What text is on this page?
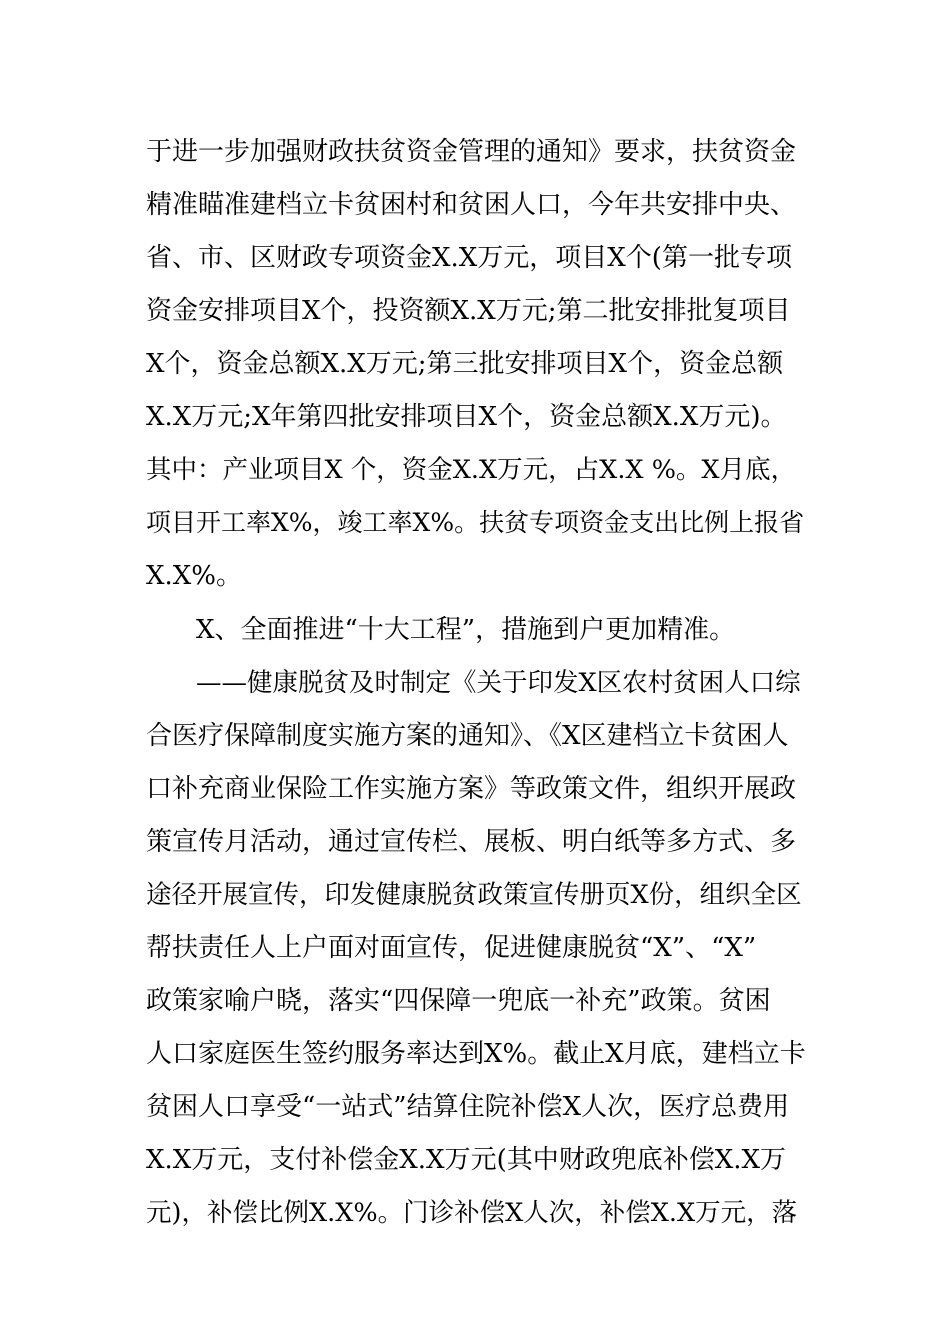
于进一步加强财政扶贫资金管理的通知》要求，扶贫资金
精准瞄准建档立卡贫困村和贫困人口，今年共安排中央、
省、市、区财政专项资金X.X万元，项目X个(第一批专项
资金安排项目X个，投资额X.X万元;第二批安排批复项目
X个，资金总额X.X万元;第三批安排项目X个，资金总额
X.X万元;X年第四批安排项目X个，资金总额X.X万元)。
其中：产业项目X 个，资金X.X万元，占X.X %。X月底，
项目开工率X%，竣工率X%。扶贫专项资金支出比例上报省
X.X%。
X、全面推进“十大工程”，措施到户更加精准。
——健康脱贫及时制定《关于印发X区农村贫困人口综
合医疗保障制度实施方案的通知》、《X区建档立卡贫困人
口补充商业保险工作实施方案》等政策文件，组织开展政
策宣传月活动，通过宣传栏、展板、明白纸等多方式、多
途径开展宣传，印发健康脱贫政策宣传册页X份，组织全区
帮扶责任人上户面对面宣传，促进健康脱贫“X”、“X”
政策家喻户晓，落实“四保障一兜底一补充”政策。贫困
人口家庭医生签约服务率达到X%。截止X月底，建档立卡
贫困人口享受“一站式”结算住院补偿X人次，医疗总费用
X.X万元，支付补偿金X.X万元(其中财政兜底补偿X.X万
元)，补偿比例X.X%。门诊补偿X人次，补偿X.X万元，落
